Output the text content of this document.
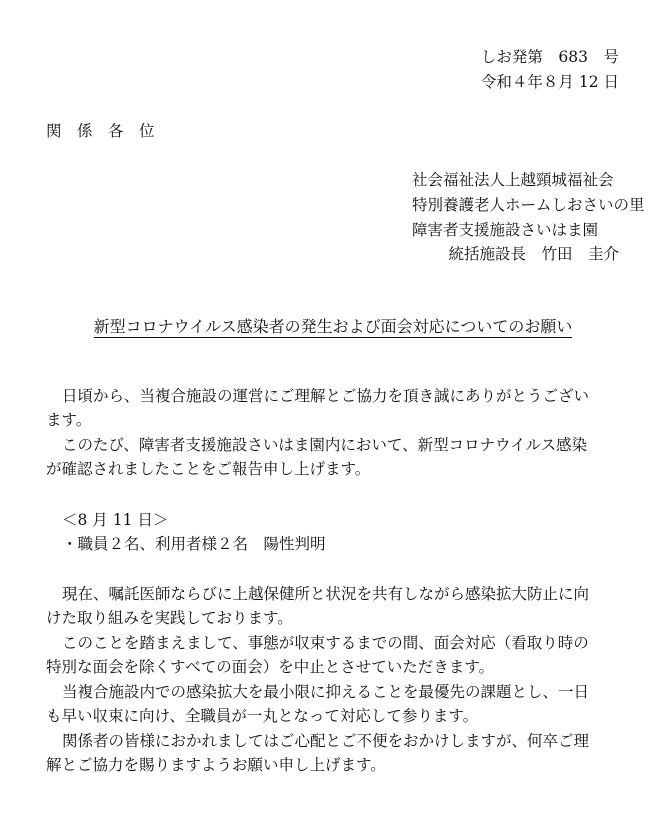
しお発第　683　号
令和４年８月 12 日
関　係　各　位
社会福祉法人上越頸城福祉会
特別養護老人ホームしおさいの里
障害者支援施設さいはま園
統括施設長　竹田　圭介
新型コロナウイルス感染者の発生および面会対応についてのお願い
日頃から、当複合施設の運営にご理解とご協力を頂き誠にありがとうござい
ます。
このたび、障害者支援施設さいはま園内において、新型コロナウイルス感染
が確認されましたことをご報告申し上げます。
＜8 月 11 日＞
・職員２名、利用者様２名　陽性判明
現在、嘱託医師ならびに上越保健所と状況を共有しながら感染拡大防止に向
けた取り組みを実践しております。
このことを踏まえまして、事態が収束するまでの間、面会対応（看取り時の
特別な面会を除くすべての面会）を中止とさせていただきます。
当複合施設内での感染拡大を最小限に抑えることを最優先の課題とし、一日
も早い収束に向け、全職員が一丸となって対応して参ります。
関係者の皆様におかれましてはご心配とご不便をおかけしますが、何卒ご理
解とご協力を賜りますようお願い申し上げます。
